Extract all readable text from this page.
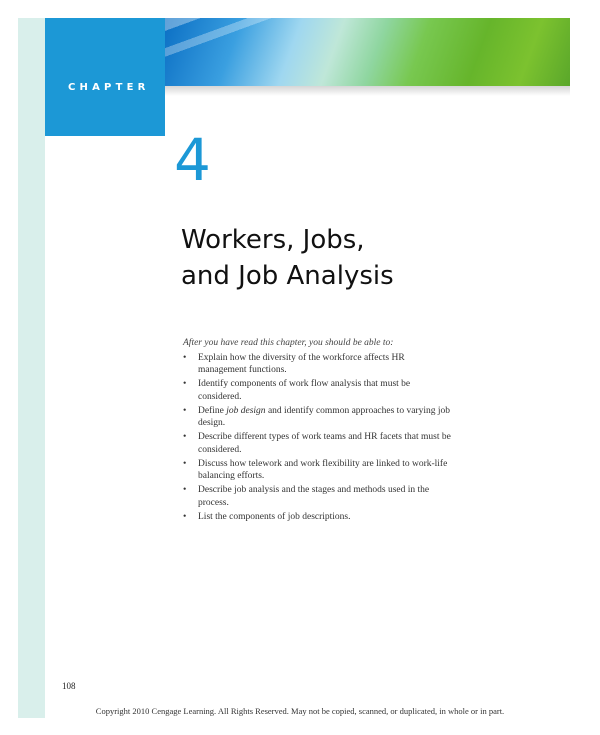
CHAPTER
4
Workers, Jobs,
and Job Analysis
After you have read this chapter, you should be able to:
• Explain how the diversity of the workforce affects HR management functions.
• Identify components of work flow analysis that must be considered.
• Define job design and identify common approaches to varying job design.
• Describe different types of work teams and HR facets that must be considered.
• Discuss how telework and work flexibility are linked to work-life balancing efforts.
• Describe job analysis and the stages and methods used in the process.
• List the components of job descriptions.
108
Copyright 2010 Cengage Learning. All Rights Reserved. May not be copied, scanned, or duplicated, in whole or in part.
